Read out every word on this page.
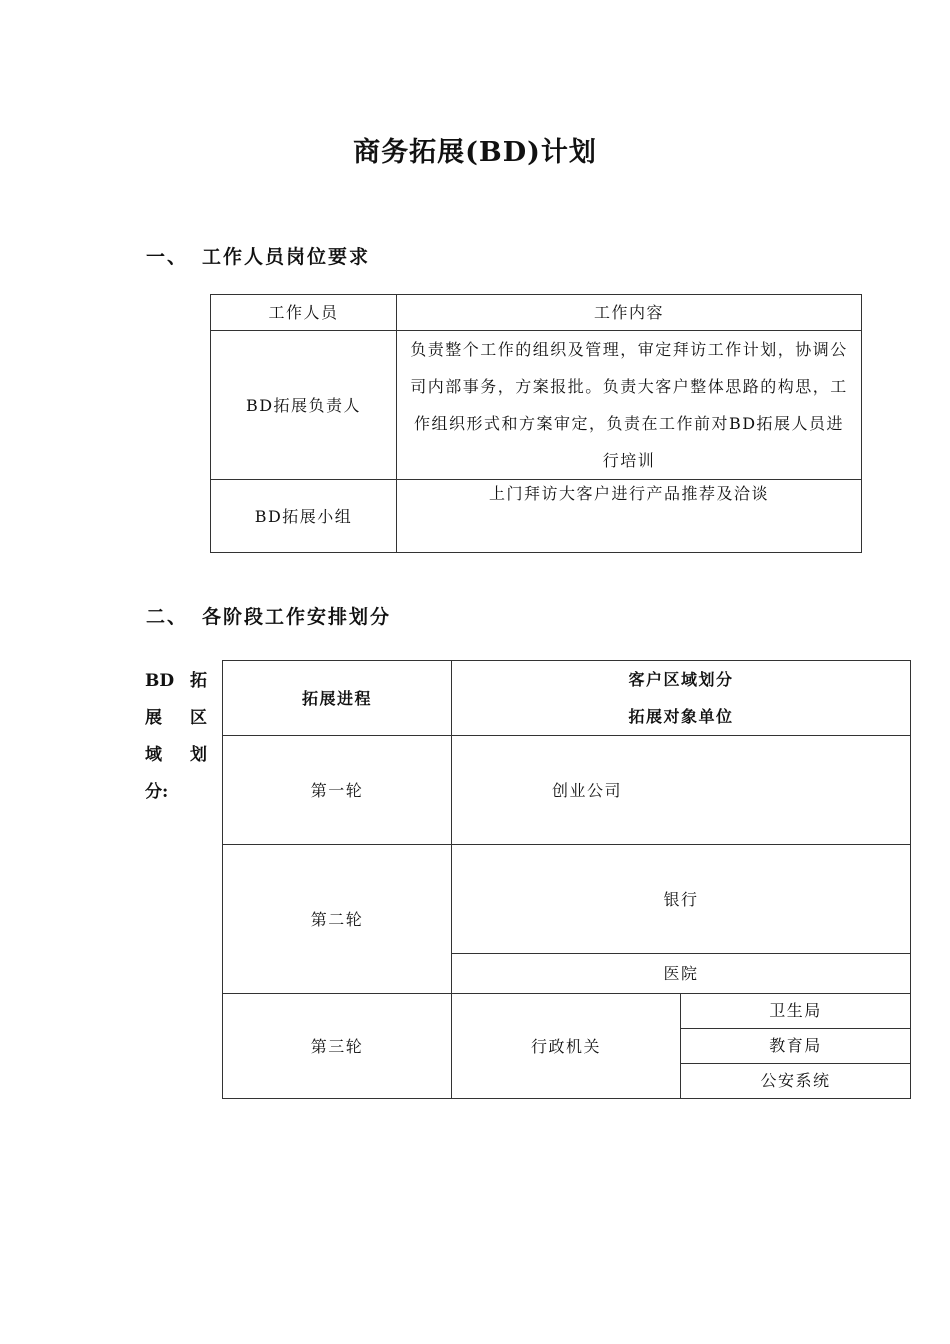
商务拓展(BD)计划
一、 工作人员岗位要求
工作人员	工作内容
BD拓展负责人	负责整个工作的组织及管理，审定拜访工作计划，协调公司内部事务，方案报批。负责大客户整体思路的构思，工作组织形式和方案审定，负责在工作前对BD拓展人员进行培训
BD拓展小组	上门拜访大客户进行产品推荐及洽谈
二、 各阶段工作安排划分
BD 拓
展 区
域 划
分:
拓展进程	客户区域划分
拓展对象单位	

第一轮	创业公司	
第二轮	银行	
	医院	
第三轮	行政机关	卫生局
		教育局
		公安系统
